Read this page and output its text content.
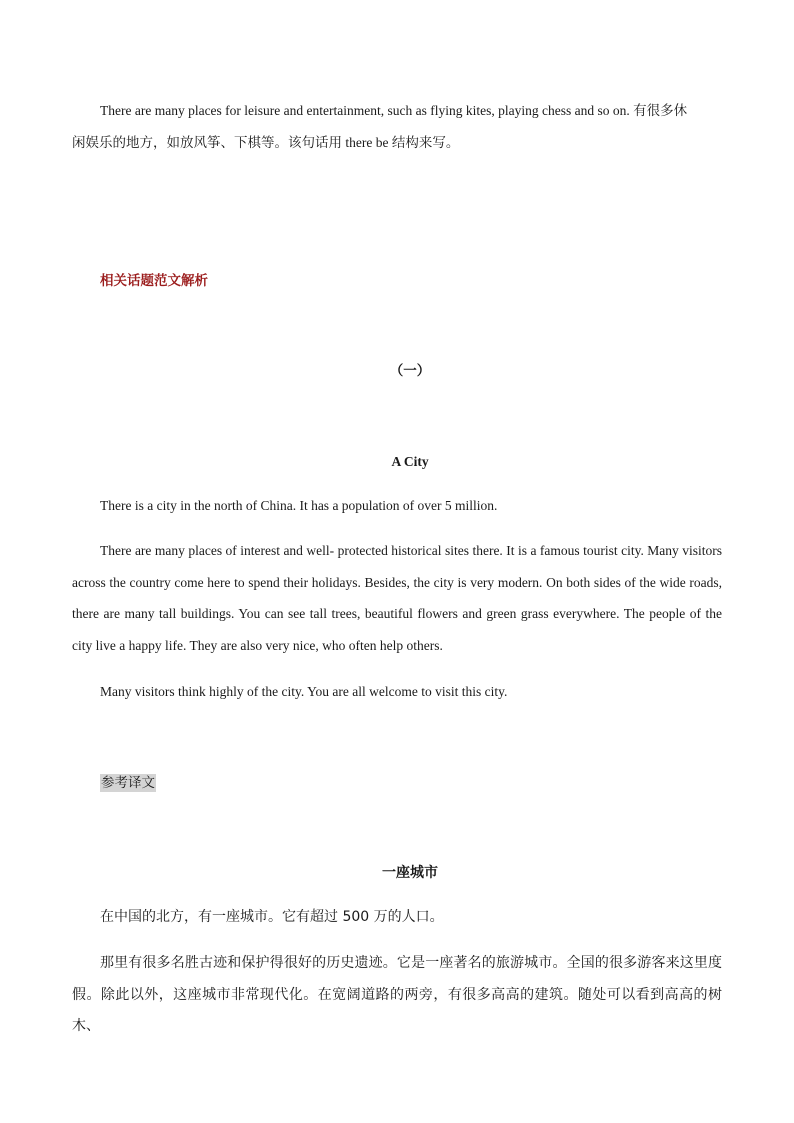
There are many places for leisure and entertainment, such as flying kites, playing chess and so on. 有很多休

闲娱乐的地方，如放风筝、下棋等。该句话用 there be 结构来写。

相关话题范文解析

（一）

A City

There is a city in the north of China. It has a population of over 5 million.

There are many places of interest and well- protected historical sites there. It is a famous tourist city. Many visitors across the country come here to spend their holidays. Besides, the city is very modern. On both sides of the wide roads, there are many tall buildings. You can see tall trees, beautiful flowers and green grass everywhere. The people of the city live a happy life. They are also very nice, who often help others.

Many visitors think highly of the city. You are all welcome to visit this city.

参考译文

一座城市

在中国的北方，有一座城市。它有超过 500 万的人口。

那里有很多名胜古迹和保护得很好的历史遗迹。它是一座著名的旅游城市。全国的很多游客来这里度假。除此以外，这座城市非常现代化。在宽阔道路的两旁，有很多高高的建筑。随处可以看到高高的树木、
